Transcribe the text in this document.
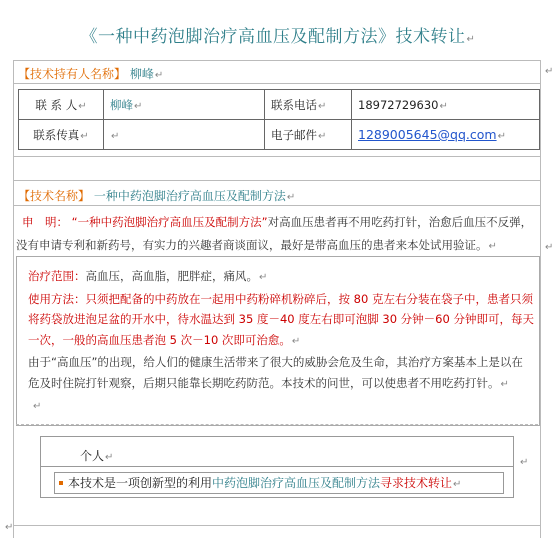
《一种中药泡脚治疗高血压及配制方法》技术转让↵
【技术持有人名称】 柳峰↵
联 系 人↵	柳峰↵	联系电话↵	18972729630↵
联系传真↵	↵	电子邮件↵	1289005645@qq.com↵
【技术名称】 一种中药泡脚治疗高血压及配制方法↵
申　明： “一种中药泡脚治疗高血压及配制方法”对高血压患者再不用吃药打针，治愈后血压不反弹，没有申请专利和新药号，有实力的兴趣者商谈面议，最好是带高血压的患者来本处试用验证。↵
治疗范围：高血压，高血脂，肥胖症，痛风。↵
使用方法：只须把配备的中药放在一起用中药粉碎机粉碎后，按 80 克左右分装在袋子中，患者只须将药袋放进泡足盆的开水中，待水温达到 35 度－40 度左右即可泡脚 30 分钟－60 分钟即可，每天一次，一般的高血压患者泡 5 次－10 次即可治愈。↵
由于“高血压”的出现，给人们的健康生活带来了很大的威胁会危及生命，其治疗方案基本上是以在危及时住院打针观察，后期只能靠长期吃药防范。本技术的问世，可以使患者不用吃药打针。↵
↵
个人↵
本技术是一项创新型的利用中药泡脚治疗高血压及配制方法寻求技术转让↵
↵
↵
↵
↵
